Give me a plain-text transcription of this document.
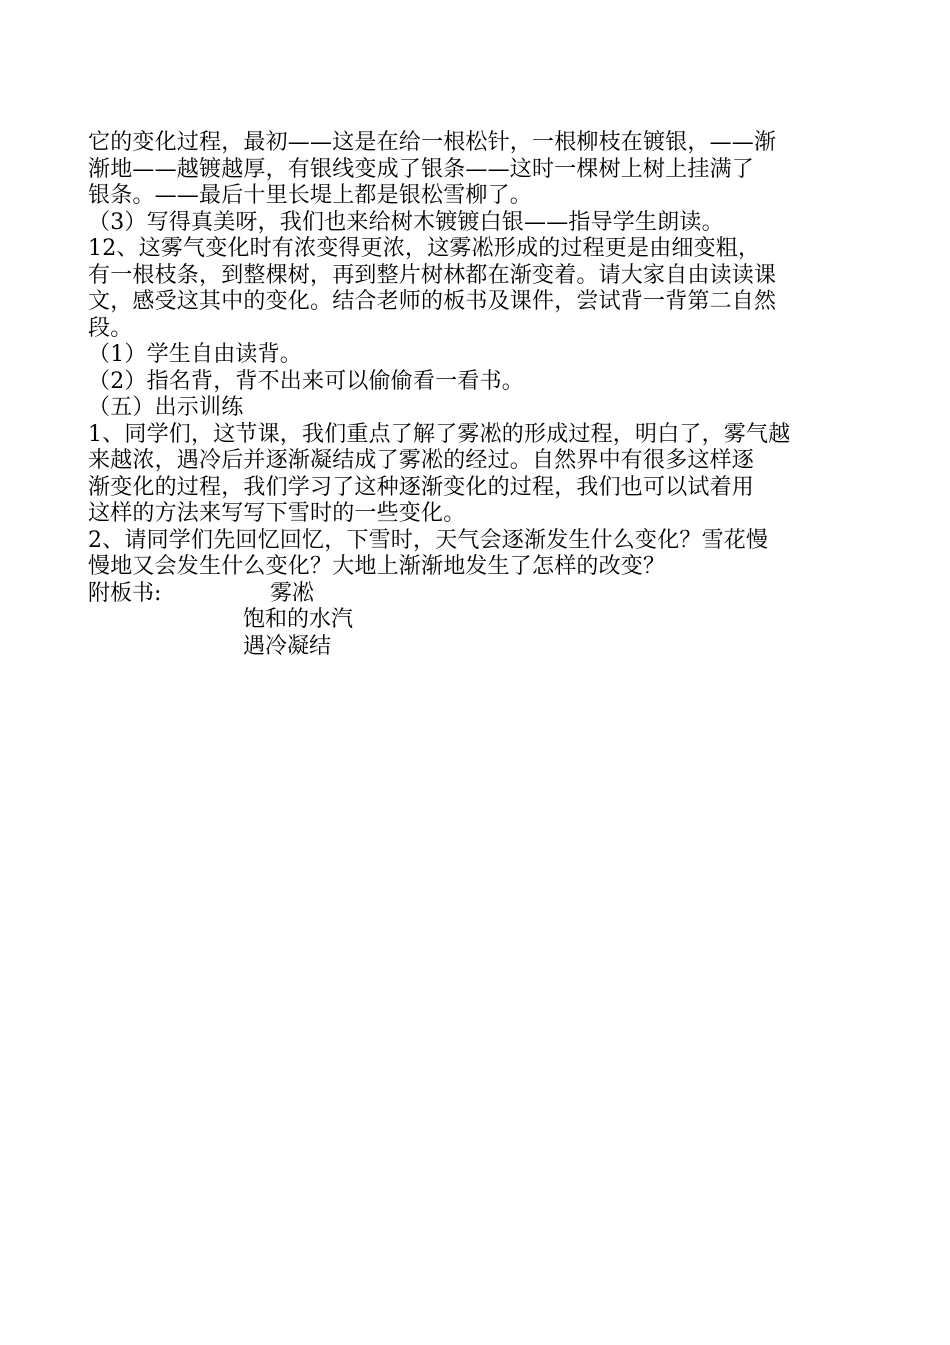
它的变化过程，最初——这是在给一根松针，一根柳枝在镀银，——渐
渐地——越镀越厚，有银线变成了银条——这时一棵树上树上挂满了
银条。——最后十里长堤上都是银松雪柳了。
（3）写得真美呀，我们也来给树木镀镀白银——指导学生朗读。
12、这雾气变化时有浓变得更浓，这雾凇形成的过程更是由细变粗，
有一根枝条，到整棵树，再到整片树林都在渐变着。请大家自由读读课
文，感受这其中的变化。结合老师的板书及课件，尝试背一背第二自然
段。
（1）学生自由读背。
（2）指名背，背不出来可以偷偷看一看书。
（五）出示训练
1、同学们，这节课，我们重点了解了雾凇的形成过程，明白了，雾气越
来越浓，遇冷后并逐渐凝结成了雾凇的经过。自然界中有很多这样逐
渐变化的过程，我们学习了这种逐渐变化的过程，我们也可以试着用
这样的方法来写写下雪时的一些变化。
2、请同学们先回忆回忆，下雪时，天气会逐渐发生什么变化？雪花慢
慢地又会发生什么变化？大地上渐渐地发生了怎样的改变？
附板书:	雾凇
饱和的水汽
遇冷凝结
